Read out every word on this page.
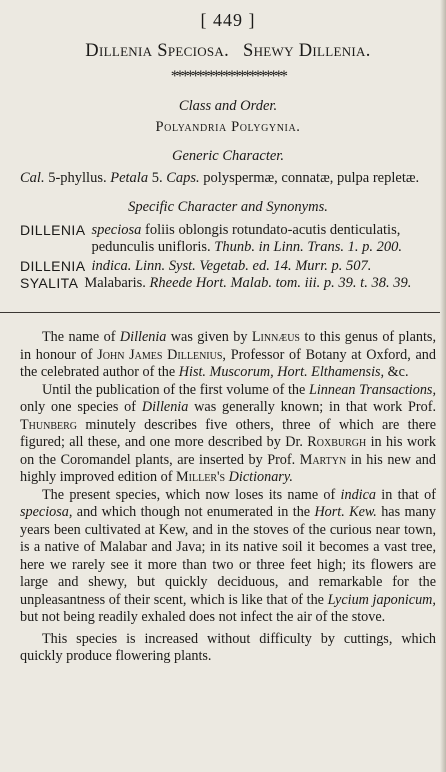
[ 449 ]
Dillenia Speciosa. Shewy Dillenia.
**********************
Class and Order.
Polyandria Polygynia.
Generic Character.
Cal. 5-phyllus. Petala 5. Caps. polyspermæ, connatæ, pulpa repletæ.
Specific Character and Synonyms.
DILLENIA speciosa foliis oblongis rotundato-acutis denticulatis, pedunculis unifloris. Thunb. in Linn. Trans. 1. p. 200.
DILLENIA indica. Linn. Syst. Vegetab. ed. 14. Murr. p. 507.
SYALITA Malabaris. Rheede Hort. Malab. tom. iii. p. 39. t. 38. 39.

The name of Dillenia was given by Linnæus to this genus of plants, in honour of John James Dillenius, Professor of Botany at Oxford, and the celebrated author of the Hist. Muscorum, Hort. Elthamensis, &c.

Until the publication of the first volume of the Linnean Transactions, only one species of Dillenia was generally known; in that work Prof. Thunberg minutely describes five others, three of which are there figured; all these, and one more described by Dr. Roxburgh in his work on the Coromandel plants, are inserted by Prof. Martyn in his new and highly improved edition of Miller's Dictionary.

The present species, which now loses its name of indica in that of speciosa, and which though not enumerated in the Hort. Kew. has many years been cultivated at Kew, and in the stoves of the curious near town, is a native of Malabar and Java; in its native soil it becomes a vast tree, here we rarely see it more than two or three feet high; its flowers are large and shewy, but quickly deciduous, and remarkable for the unpleasantness of their scent, which is like that of the Lycium japonicum, but not being readily exhaled does not infect the air of the stove.

This species is increased without difficulty by cuttings, which quickly produce flowering plants.
